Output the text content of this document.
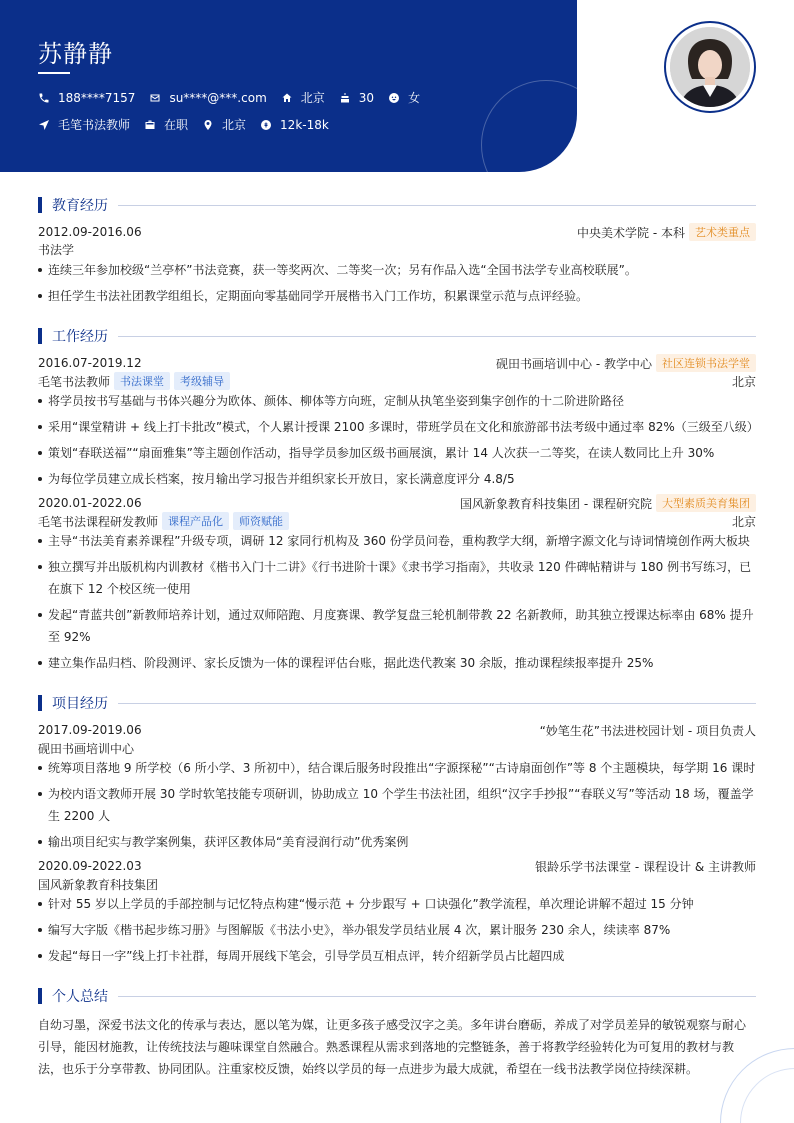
苏静静
188****7157	su****@***.com	北京	30	女
毛笔书法教师	在职	北京	12k-18k
教育经历
2012.09-2016.06	中央美术学院 - 本科 艺术类重点
书法学
连续三年参加校级“兰亭杯”书法竞赛，获一等奖两次、二等奖一次；另有作品入选“全国书法学专业高校联展”。
担任学生书法社团教学组组长，定期面向零基础同学开展楷书入门工作坊，积累课堂示范与点评经验。
工作经历
2016.07-2019.12	砚田书画培训中心 - 教学中心 社区连锁书法学堂
毛笔书法教师 书法课堂	考级辅导	北京
将学员按书写基础与书体兴趣分为欧体、颜体、柳体等方向班，定制从执笔坐姿到集字创作的十二阶进阶路径
采用“课堂精讲 + 线上打卡批改”模式，个人累计授课 2100 多课时，带班学员在文化和旅游部书法考级中通过率 82%（三级至八级）
策划“春联送福”“扇面雅集”等主题创作活动，指导学员参加区级书画展演，累计 14 人次获一二等奖，在读人数同比上升 30%
为每位学员建立成长档案，按月输出学习报告并组织家长开放日，家长满意度评分 4.8/5
2020.01-2022.06	国风新象教育科技集团 - 课程研究院 大型素质美育集团
毛笔书法课程研发教师 课程产品化	师资赋能	北京
主导“书法美育素养课程”升级专项，调研 12 家同行机构及 360 份学员问卷，重构教学大纲，新增字源文化与诗词情境创作两大板块
独立撰写并出版机构内训教材《楷书入门十二讲》《行书进阶十课》《隶书学习指南》，共收录 120 件碑帖精讲与 180 例书写练习，已在旗下 12 个校区统一使用
发起“青蓝共创”新教师培养计划，通过双师陪跑、月度赛课、教学复盘三轮机制带教 22 名新教师，助其独立授课达标率由 68% 提升至 92%
建立集作品归档、阶段测评、家长反馈为一体的课程评估台账，据此迭代教案 30 余版，推动课程续报率提升 25%
项目经历
2017.09-2019.06	“妙笔生花”书法进校园计划 - 项目负责人
砚田书画培训中心
统筹项目落地 9 所学校（6 所小学、3 所初中），结合课后服务时段推出“字源探秘”“古诗扇面创作”等 8 个主题模块，每学期 16 课时
为校内语文教师开展 30 学时软笔技能专项研训，协助成立 10 个学生书法社团，组织“汉字手抄报”“春联义写”等活动 18 场，覆盖学生 2200 人
输出项目纪实与教学案例集，获评区教体局“美育浸润行动”优秀案例
2020.09-2022.03	银龄乐学书法课堂 - 课程设计 & 主讲教师
国风新象教育科技集团
针对 55 岁以上学员的手部控制与记忆特点构建“慢示范 + 分步跟写 + 口诀强化”教学流程，单次理论讲解不超过 15 分钟
编写大字版《楷书起步练习册》与图解版《书法小史》，举办银发学员结业展 4 次，累计服务 230 余人，续读率 87%
发起“每日一字”线上打卡社群，每周开展线下笔会，引导学员互相点评，转介绍新学员占比超四成
个人总结
自幼习墨，深爱书法文化的传承与表达，愿以笔为媒，让更多孩子感受汉字之美。多年讲台磨砺，养成了对学员差异的敏锐观察与耐心引导，能因材施教，让传统技法与趣味课堂自然融合。熟悉课程从需求到落地的完整链条，善于将教学经验转化为可复用的教材与教法，也乐于分享带教、协同团队。注重家校反馈，始终以学员的每一点进步为最大成就，希望在一线书法教学岗位持续深耕。
